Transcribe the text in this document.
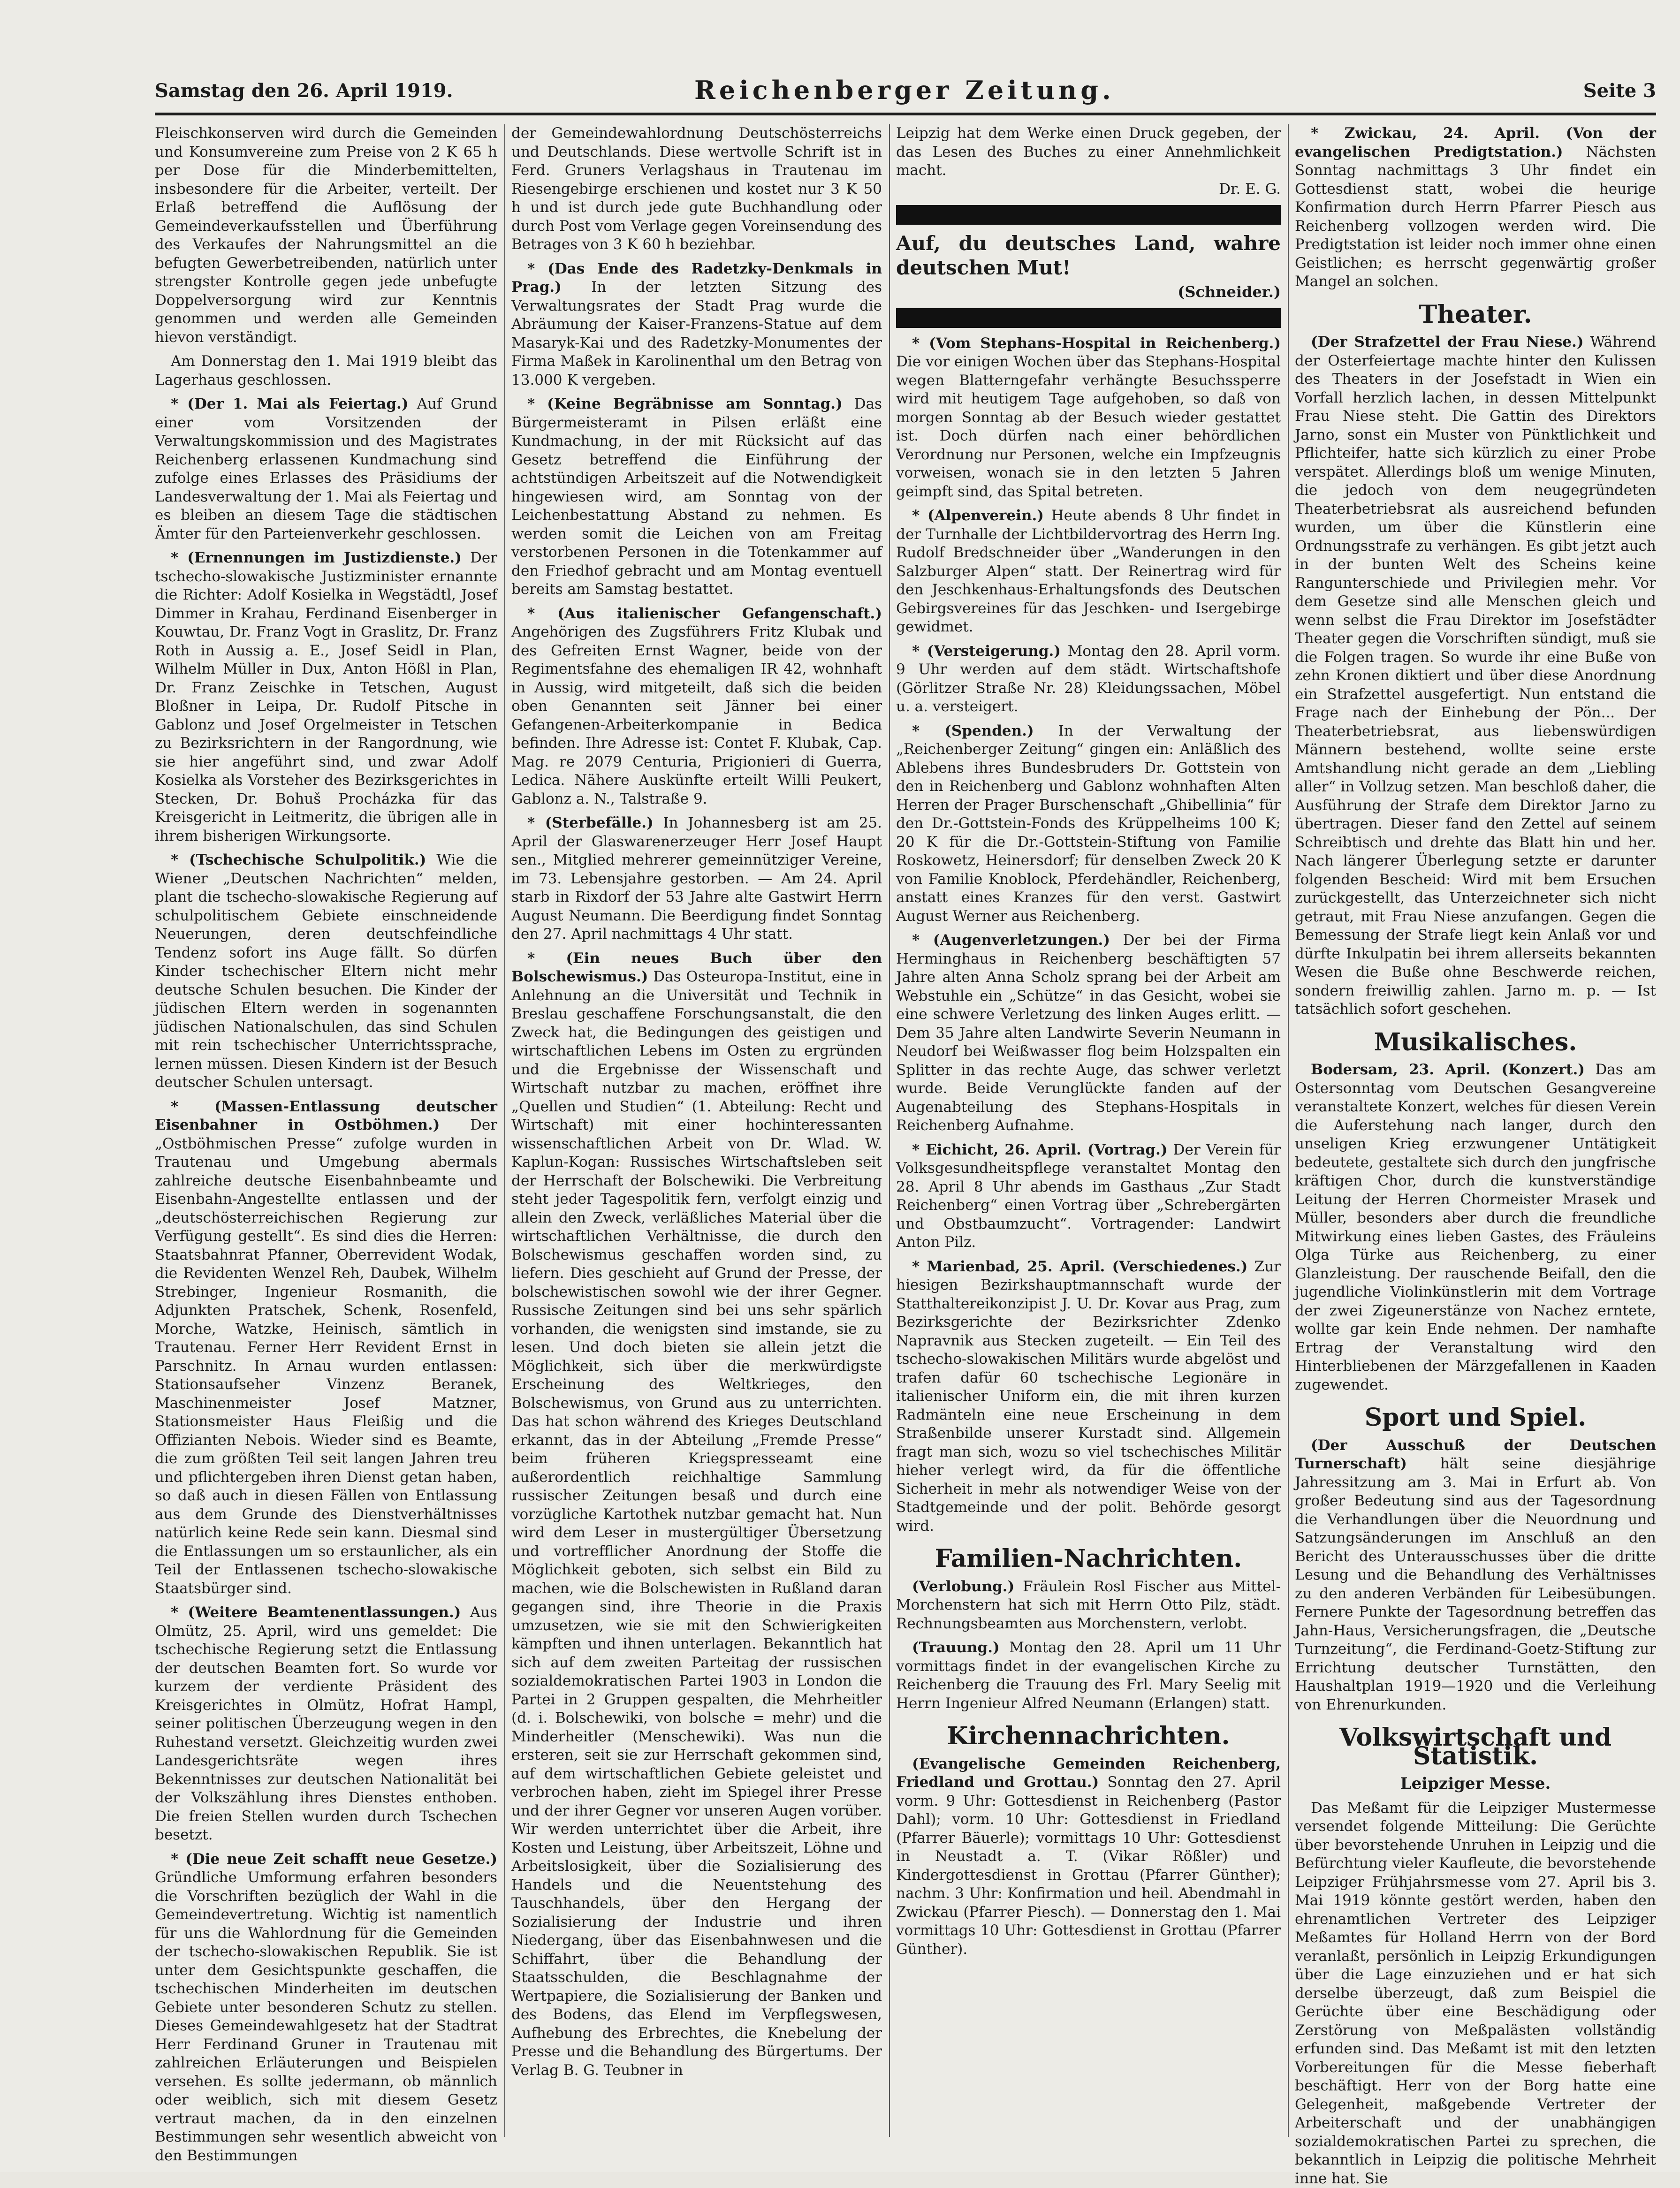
Samstag den 26. April 1919.	Reichenberger Zeitung.	Seite 3

Fleischkonserven wird durch die Gemeinden und Konsumvereine zum Preise von 2 K 65 h per Dose für die Minderbemittelten, insbesondere für die Arbeiter, verteilt. Der Erlaß betreffend die Auflösung der Gemeindeverkaufsstellen und Überführung des Verkaufes der Nahrungsmittel an die befugten Gewerbetreibenden, natürlich unter strengster Kontrolle gegen jede unbefugte Doppelversorgung wird zur Kenntnis genommen und werden alle Gemeinden hievon verständigt.

Am Donnerstag den 1. Mai 1919 bleibt das Lagerhaus geschlossen.

* (Der 1. Mai als Feiertag.) Auf Grund einer vom Vorsitzenden der Verwaltungskommission und des Magistrates Reichenberg erlassenen Kundmachung sind zufolge eines Erlasses des Präsidiums der Landesverwaltung der 1. Mai als Feiertag und es bleiben an diesem Tage die städtischen Ämter für den Parteienverkehr geschlossen.

* (Ernennungen im Justizdienste.) Der tschecho-slowakische Justizminister ernannte die Richter: Adolf Kosielka in Wegstädtl, Josef Dimmer in Krahau, Ferdinand Eisenberger in Kouwtau, Dr. Franz Vogt in Graslitz, Dr. Franz Roth in Aussig a. E., Josef Seidl in Plan, Wilhelm Müller in Dux, Anton Hößl in Plan, Dr. Franz Zeischke in Tetschen, August Bloßner in Leipa, Dr. Rudolf Pitsche in Gablonz und Josef Orgelmeister in Tetschen zu Bezirksrichtern in der Rangordnung, wie sie hier angeführt sind, und zwar Adolf Kosielka als Vorsteher des Bezirksgerichtes in Stecken, Dr. Bohuš Procházka für das Kreisgericht in Leitmeritz, die übrigen alle in ihrem bisherigen Wirkungsorte.

* (Tschechische Schulpolitik.) Wie die Wiener „Deutschen Nachrichten“ melden, plant die tschecho-slowakische Regierung auf schulpolitischem Gebiete einschneidende Neuerungen, deren deutschfeindliche Tendenz sofort ins Auge fällt. So dürfen Kinder tschechischer Eltern nicht mehr deutsche Schulen besuchen. Die Kinder der jüdischen Eltern werden in sogenannten jüdischen Nationalschulen, das sind Schulen mit rein tschechischer Unterrichtssprache, lernen müssen. Diesen Kindern ist der Besuch deutscher Schulen untersagt.

* (Massen-Entlassung deutscher Eisenbahner in Ostböhmen.) Der „Ostböhmischen Presse“ zufolge wurden in Trautenau und Umgebung abermals zahlreiche deutsche Eisenbahnbeamte und Eisenbahn-Angestellte entlassen und der „deutschösterreichischen Regierung zur Verfügung gestellt“. Es sind dies die Herren: Staatsbahnrat Pfanner, Oberrevident Wodak, die Revidenten Wenzel Reh, Daubek, Wilhelm Strebinger, Ingenieur Rosmanith, die Adjunkten Pratschek, Schenk, Rosenfeld, Morche, Watzke, Heinisch, sämtlich in Trautenau. Ferner Herr Revident Ernst in Parschnitz. In Arnau wurden entlassen: Stationsaufseher Vinzenz Beranek, Maschinenmeister Josef Matzner, Stationsmeister Haus Fleißig und die Offizianten Nebois. Wieder sind es Beamte, die zum größten Teil seit langen Jahren treu und pflichtergeben ihren Dienst getan haben, so daß auch in diesen Fällen von Entlassung aus dem Grunde des Dienstverhältnisses natürlich keine Rede sein kann. Diesmal sind die Entlassungen um so erstaunlicher, als ein Teil der Entlassenen tschecho-slowakische Staatsbürger sind.

* (Weitere Beamtenentlassungen.) Aus Olmütz, 25. April, wird uns gemeldet: Die tschechische Regierung setzt die Entlassung der deutschen Beamten fort. So wurde vor kurzem der verdiente Präsident des Kreisgerichtes in Olmütz, Hofrat Hampl, seiner politischen Überzeugung wegen in den Ruhestand versetzt. Gleichzeitig wurden zwei Landesgerichtsräte wegen ihres Bekenntnisses zur deutschen Nationalität bei der Volkszählung ihres Dienstes enthoben. Die freien Stellen wurden durch Tschechen besetzt.

* (Die neue Zeit schafft neue Gesetze.) Gründliche Umformung erfahren besonders die Vorschriften bezüglich der Wahl in die Gemeindevertretung. Wichtig ist namentlich für uns die Wahlordnung für die Gemeinden der tschecho-slowakischen Republik. Sie ist unter dem Gesichtspunkte geschaffen, die tschechischen Minderheiten im deutschen Gebiete unter besonderen Schutz zu stellen. Dieses Gemeindewahlgesetz hat der Stadtrat Herr Ferdinand Gruner in Trautenau mit zahlreichen Erläuterungen und Beispielen versehen. Es sollte jedermann, ob männlich oder weiblich, sich mit diesem Gesetz vertraut machen, da in den einzelnen Bestimmungen sehr wesentlich abweicht von den Bestimmungen

der Gemeindewahlordnung Deutschösterreichs und Deutschlands. Diese wertvolle Schrift ist in Ferd. Gruners Verlagshaus in Trautenau im Riesengebirge erschienen und kostet nur 3 K 50 h und ist durch jede gute Buchhandlung oder durch Post vom Verlage gegen Voreinsendung des Betrages von 3 K 60 h beziehbar.

* (Das Ende des Radetzky-Denkmals in Prag.) In der letzten Sitzung des Verwaltungsrates der Stadt Prag wurde die Abräumung der Kaiser-Franzens-Statue auf dem Masaryk-Kai und des Radetzky-Monumentes der Firma Maßek in Karolinenthal um den Betrag von 13.000 K vergeben.

* (Keine Begräbnisse am Sonntag.) Das Bürgermeisteramt in Pilsen erläßt eine Kundmachung, in der mit Rücksicht auf das Gesetz betreffend die Einführung der achtstündigen Arbeitszeit auf die Notwendigkeit hingewiesen wird, am Sonntag von der Leichenbestattung Abstand zu nehmen. Es werden somit die Leichen von am Freitag verstorbenen Personen in die Totenkammer auf den Friedhof gebracht und am Montag eventuell bereits am Samstag bestattet.

* (Aus italienischer Gefangenschaft.) Angehörigen des Zugsführers Fritz Klubak und des Gefreiten Ernst Wagner, beide von der Regimentsfahne des ehemaligen IR 42, wohnhaft in Aussig, wird mitgeteilt, daß sich die beiden oben Genannten seit Jänner bei einer Gefangenen-Arbeiterkompanie in Bedica befinden. Ihre Adresse ist: Contet F. Klubak, Cap. Mag. re 2079 Centuria, Prigionieri di Guerra, Ledica. Nähere Auskünfte erteilt Willi Peukert, Gablonz a. N., Talstraße 9.

* (Sterbefälle.) In Johannesberg ist am 25. April der Glaswarenerzeuger Herr Josef Haupt sen., Mitglied mehrerer gemeinnütziger Vereine, im 73. Lebensjahre gestorben. — Am 24. April starb in Rixdorf der 53 Jahre alte Gastwirt Herrn August Neumann. Die Beerdigung findet Sonntag den 27. April nachmittags 4 Uhr statt.

* (Ein neues Buch über den Bolschewismus.) Das Osteuropa-Institut, eine in Anlehnung an die Universität und Technik in Breslau geschaffene Forschungsanstalt, die den Zweck hat, die Bedingungen des geistigen und wirtschaftlichen Lebens im Osten zu ergründen und die Ergebnisse der Wissenschaft und Wirtschaft nutzbar zu machen, eröffnet ihre „Quellen und Studien“ (1. Abteilung: Recht und Wirtschaft) mit einer hochinteressanten wissenschaftlichen Arbeit von Dr. Wlad. W. Kaplun-Kogan: Russisches Wirtschaftsleben seit der Herrschaft der Bolschewiki. Die Verbreitung steht jeder Tagespolitik fern, verfolgt einzig und allein den Zweck, verläßliches Material über die wirtschaftlichen Verhältnisse, die durch den Bolschewismus geschaffen worden sind, zu liefern. Dies geschieht auf Grund der Presse, der bolschewistischen sowohl wie der ihrer Gegner. Russische Zeitungen sind bei uns sehr spärlich vorhanden, die wenigsten sind imstande, sie zu lesen. Und doch bieten sie allein jetzt die Möglichkeit, sich über die merkwürdigste Erscheinung des Weltkrieges, den Bolschewismus, von Grund aus zu unterrichten. Das hat schon während des Krieges Deutschland erkannt, das in der Abteilung „Fremde Presse“ beim früheren Kriegspresseamt eine außerordentlich reichhaltige Sammlung russischer Zeitungen besaß und durch eine vorzügliche Kartothek nutzbar gemacht hat. Nun wird dem Leser in mustergültiger Übersetzung und vortrefflicher Anordnung der Stoffe die Möglichkeit geboten, sich selbst ein Bild zu machen, wie die Bolschewisten in Rußland daran gegangen sind, ihre Theorie in die Praxis umzusetzen, wie sie mit den Schwierigkeiten kämpften und ihnen unterlagen. Bekanntlich hat sich auf dem zweiten Parteitag der russischen sozialdemokratischen Partei 1903 in London die Partei in 2 Gruppen gespalten, die Mehrheitler (d. i. Bolschewiki, von bolsche = mehr) und die Minderheitler (Menschewiki). Was nun die ersteren, seit sie zur Herrschaft gekommen sind, auf dem wirtschaftlichen Gebiete geleistet und verbrochen haben, zieht im Spiegel ihrer Presse und der ihrer Gegner vor unseren Augen vorüber. Wir werden unterrichtet über die Arbeit, ihre Kosten und Leistung, über Arbeitszeit, Löhne und Arbeitslosigkeit, über die Sozialisierung des Handels und die Neuentstehung des Tauschhandels, über den Hergang der Sozialisierung der Industrie und ihren Niedergang, über das Eisenbahnwesen und die Schiffahrt, über die Behandlung der Staatsschulden, die Beschlagnahme der Wertpapiere, die Sozialisierung der Banken und des Bodens, das Elend im Verpflegswesen, Aufhebung des Erbrechtes, die Knebelung der Presse und die Behandlung des Bürgertums. Der Verlag B. G. Teubner in

Leipzig hat dem Werke einen Druck gegeben, der das Lesen des Buches zu einer Annehmlichkeit macht.
Dr. E. G.

Auf, du deutsches Land, wahre deutschen Mut!

(Schneider.)

* (Vom Stephans-Hospital in Reichenberg.) Die vor einigen Wochen über das Stephans-Hospital wegen Blatterngefahr verhängte Besuchssperre wird mit heutigem Tage aufgehoben, so daß von morgen Sonntag ab der Besuch wieder gestattet ist. Doch dürfen nach einer behördlichen Verordnung nur Personen, welche ein Impfzeugnis vorweisen, wonach sie in den letzten 5 Jahren geimpft sind, das Spital betreten.

* (Alpenverein.) Heute abends 8 Uhr findet in der Turnhalle der Lichtbildervortrag des Herrn Ing. Rudolf Bredschneider über „Wanderungen in den Salzburger Alpen“ statt. Der Reinertrag wird für den Jeschkenhaus-Erhaltungsfonds des Deutschen Gebirgsvereines für das Jeschken- und Isergebirge gewidmet.

* (Versteigerung.) Montag den 28. April vorm. 9 Uhr werden auf dem städt. Wirtschaftshofe (Görlitzer Straße Nr. 28) Kleidungssachen, Möbel u. a. versteigert.

* (Spenden.) In der Verwaltung der „Reichenberger Zeitung“ gingen ein: Anläßlich des Ablebens ihres Bundesbruders Dr. Gottstein von den in Reichenberg und Gablonz wohnhaften Alten Herren der Prager Burschenschaft „Ghibellinia“ für den Dr.-Gottstein-Fonds des Krüppelheims 100 K; 20 K für die Dr.-Gottstein-Stiftung von Familie Roskowetz, Heinersdorf; für denselben Zweck 20 K von Familie Knoblock, Pferdehändler, Reichenberg, anstatt eines Kranzes für den verst. Gastwirt August Werner aus Reichenberg.

* (Augenverletzungen.) Der bei der Firma Herminghaus in Reichenberg beschäftigten 57 Jahre alten Anna Scholz sprang bei der Arbeit am Webstuhle ein „Schütze“ in das Gesicht, wobei sie eine schwere Verletzung des linken Auges erlitt. — Dem 35 Jahre alten Landwirte Severin Neumann in Neudorf bei Weißwasser flog beim Holzspalten ein Splitter in das rechte Auge, das schwer verletzt wurde. Beide Verunglückte fanden auf der Augenabteilung des Stephans-Hospitals in Reichenberg Aufnahme.

* Eichicht, 26. April. (Vortrag.) Der Verein für Volksgesundheitspflege veranstaltet Montag den 28. April 8 Uhr abends im Gasthaus „Zur Stadt Reichenberg“ einen Vortrag über „Schrebergärten und Obstbaumzucht“. Vortragender: Landwirt Anton Pilz.

* Marienbad, 25. April. (Verschiedenes.) Zur hiesigen Bezirkshauptmannschaft wurde der Statthaltereikonzipist J. U. Dr. Kovar aus Prag, zum Bezirksgerichte der Bezirksrichter Zdenko Napravnik aus Stecken zugeteilt. — Ein Teil des tschecho-slowakischen Militärs wurde abgelöst und trafen dafür 60 tschechische Legionäre in italienischer Uniform ein, die mit ihren kurzen Radmänteln eine neue Erscheinung in dem Straßenbilde unserer Kurstadt sind. Allgemein fragt man sich, wozu so viel tschechisches Militär hieher verlegt wird, da für die öffentliche Sicherheit in mehr als notwendiger Weise von der Stadtgemeinde und der polit. Behörde gesorgt wird.

Familien-Nachrichten.

(Verlobung.) Fräulein Rosl Fischer aus Mittel-Morchenstern hat sich mit Herrn Otto Pilz, städt. Rechnungsbeamten aus Morchenstern, verlobt.

(Trauung.) Montag den 28. April um 11 Uhr vormittags findet in der evangelischen Kirche zu Reichenberg die Trauung des Frl. Mary Seelig mit Herrn Ingenieur Alfred Neumann (Erlangen) statt.

Kirchennachrichten.

(Evangelische Gemeinden Reichenberg, Friedland und Grottau.) Sonntag den 27. April vorm. 9 Uhr: Gottesdienst in Reichenberg (Pastor Dahl); vorm. 10 Uhr: Gottesdienst in Friedland (Pfarrer Bäuerle); vormittags 10 Uhr: Gottesdienst in Neustadt a. T. (Vikar Rößler) und Kindergottesdienst in Grottau (Pfarrer Günther); nachm. 3 Uhr: Konfirmation und heil. Abendmahl in Zwickau (Pfarrer Piesch). — Donnerstag den 1. Mai vormittags 10 Uhr: Gottesdienst in Grottau (Pfarrer Günther).

* Zwickau, 24. April. (Von der evangelischen Predigtstation.) Nächsten Sonntag nachmittags 3 Uhr findet ein Gottesdienst statt, wobei die heurige Konfirmation durch Herrn Pfarrer Piesch aus Reichenberg vollzogen werden wird. Die Predigtstation ist leider noch immer ohne einen Geistlichen; es herrscht gegenwärtig großer Mangel an solchen.

Theater.

(Der Strafzettel der Frau Niese.) Während der Osterfeiertage machte hinter den Kulissen des Theaters in der Josefstadt in Wien ein Vorfall herzlich lachen, in dessen Mittelpunkt Frau Niese steht. Die Gattin des Direktors Jarno, sonst ein Muster von Pünktlichkeit und Pflichteifer, hatte sich kürzlich zu einer Probe verspätet. Allerdings bloß um wenige Minuten, die jedoch von dem neugegründeten Theaterbetriebsrat als ausreichend befunden wurden, um über die Künstlerin eine Ordnungsstrafe zu verhängen. Es gibt jetzt auch in der bunten Welt des Scheins keine Rangunterschiede und Privilegien mehr. Vor dem Gesetze sind alle Menschen gleich und wenn selbst die Frau Direktor im Josefstädter Theater gegen die Vorschriften sündigt, muß sie die Folgen tragen. So wurde ihr eine Buße von zehn Kronen diktiert und über diese Anordnung ein Strafzettel ausgefertigt. Nun entstand die Frage nach der Einhebung der Pön... Der Theaterbetriebsrat, aus liebenswürdigen Männern bestehend, wollte seine erste Amtshandlung nicht gerade an dem „Liebling aller“ in Vollzug setzen. Man beschloß daher, die Ausführung der Strafe dem Direktor Jarno zu übertragen. Dieser fand den Zettel auf seinem Schreibtisch und drehte das Blatt hin und her. Nach längerer Überlegung setzte er darunter folgenden Bescheid: Wird mit bem Ersuchen zurückgestellt, das Unterzeichneter sich nicht getraut, mit Frau Niese anzufangen. Gegen die Bemessung der Strafe liegt kein Anlaß vor und dürfte Inkulpatin bei ihrem allerseits bekannten Wesen die Buße ohne Beschwerde reichen, sondern freiwillig zahlen. Jarno m. p. — Ist tatsächlich sofort geschehen.

Musikalisches.

Bodersam, 23. April. (Konzert.) Das am Ostersonntag vom Deutschen Gesangvereine veranstaltete Konzert, welches für diesen Verein die Auferstehung nach langer, durch den unseligen Krieg erzwungener Untätigkeit bedeutete, gestaltete sich durch den jungfrische kräftigen Chor, durch die kunstverständige Leitung der Herren Chormeister Mrasek und Müller, besonders aber durch die freundliche Mitwirkung eines lieben Gastes, des Fräuleins Olga Türke aus Reichenberg, zu einer Glanzleistung. Der rauschende Beifall, den die jugendliche Violinkünstlerin mit dem Vortrage der zwei Zigeunerstänze von Nachez erntete, wollte gar kein Ende nehmen. Der namhafte Ertrag der Veranstaltung wird den Hinterbliebenen der Märzgefallenen in Kaaden zugewendet.

Sport und Spiel.

(Der Ausschuß der Deutschen Turnerschaft) hält seine diesjährige Jahressitzung am 3. Mai in Erfurt ab. Von großer Bedeutung sind aus der Tagesordnung die Verhandlungen über die Neuordnung und Satzungsänderungen im Anschluß an den Bericht des Unterausschusses über die dritte Lesung und die Behandlung des Verhältnisses zu den anderen Verbänden für Leibesübungen. Fernere Punkte der Tagesordnung betreffen das Jahn-Haus, Versicherungsfragen, die „Deutsche Turnzeitung“, die Ferdinand-Goetz-Stiftung zur Errichtung deutscher Turnstätten, den Haushaltplan 1919—1920 und die Verleihung von Ehrenurkunden.

Volkswirtschaft und Statistik.

Leipziger Messe.

Das Meßamt für die Leipziger Mustermesse versendet folgende Mitteilung: Die Gerüchte über bevorstehende Unruhen in Leipzig und die Befürchtung vieler Kaufleute, die bevorstehende Leipziger Frühjahrsmesse vom 27. April bis 3. Mai 1919 könnte gestört werden, haben den ehrenamtlichen Vertreter des Leipziger Meßamtes für Holland Herrn von der Bord veranlaßt, persönlich in Leipzig Erkundigungen über die Lage einzuziehen und er hat sich derselbe überzeugt, daß zum Beispiel die Gerüchte über eine Beschädigung oder Zerstörung von Meßpalästen vollständig erfunden sind. Das Meßamt ist mit den letzten Vorbereitungen für die Messe fieberhaft beschäftigt. Herr von der Borg hatte eine Gelegenheit, maßgebende Vertreter der Arbeiterschaft und der unabhängigen sozialdemokratischen Partei zu sprechen, die bekanntlich in Leipzig die politische Mehrheit inne hat. Sie
